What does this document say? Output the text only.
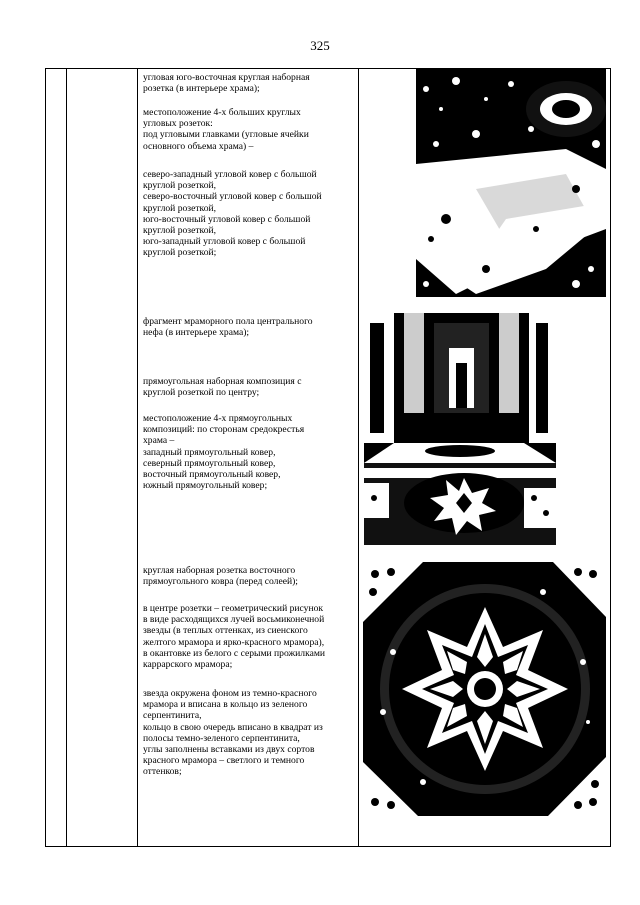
325
угловая юго-восточная круглая наборная
розетка (в интерьере храма);
местоположение 4-х больших круглых
угловых розеток:
под угловыми главками (угловые ячейки
основного объема храма) –
северо-западный угловой ковер с большой
круглой розеткой,
северо-восточный угловой ковер с большой
круглой розеткой,
юго-восточный угловой ковер с большой
круглой розеткой,
юго-западный угловой ковер с большой
круглой розеткой;
фрагмент мраморного пола центрального
нефа (в интерьере храма);
прямоугольная наборная композиция с
круглой розеткой по центру;
местоположение 4-х прямоугольных
композиций: по сторонам средокрестья
храма –
западный прямоугольный ковер,
северный прямоугольный ковер,
восточный прямоугольный ковер,
южный прямоугольный ковер;
круглая наборная розетка восточного
прямоугольного ковра (перед солеей);
в центре розетки – геометрический рисунок
в виде расходящихся лучей восьмиконечной
звезды (в теплых оттенках, из сиенского
желтого мрамора и ярко-красного мрамора),
в окантовке из белого с серыми прожилками
каррарского мрамора;
звезда окружена фоном из темно-красного
мрамора и вписана в кольцо из зеленого
серпентинита,
кольцо в свою очередь вписано в квадрат из
полосы темно-зеленого серпентинита,
углы заполнены вставками из двух сортов
красного мрамора – светлого и темного
оттенков;
